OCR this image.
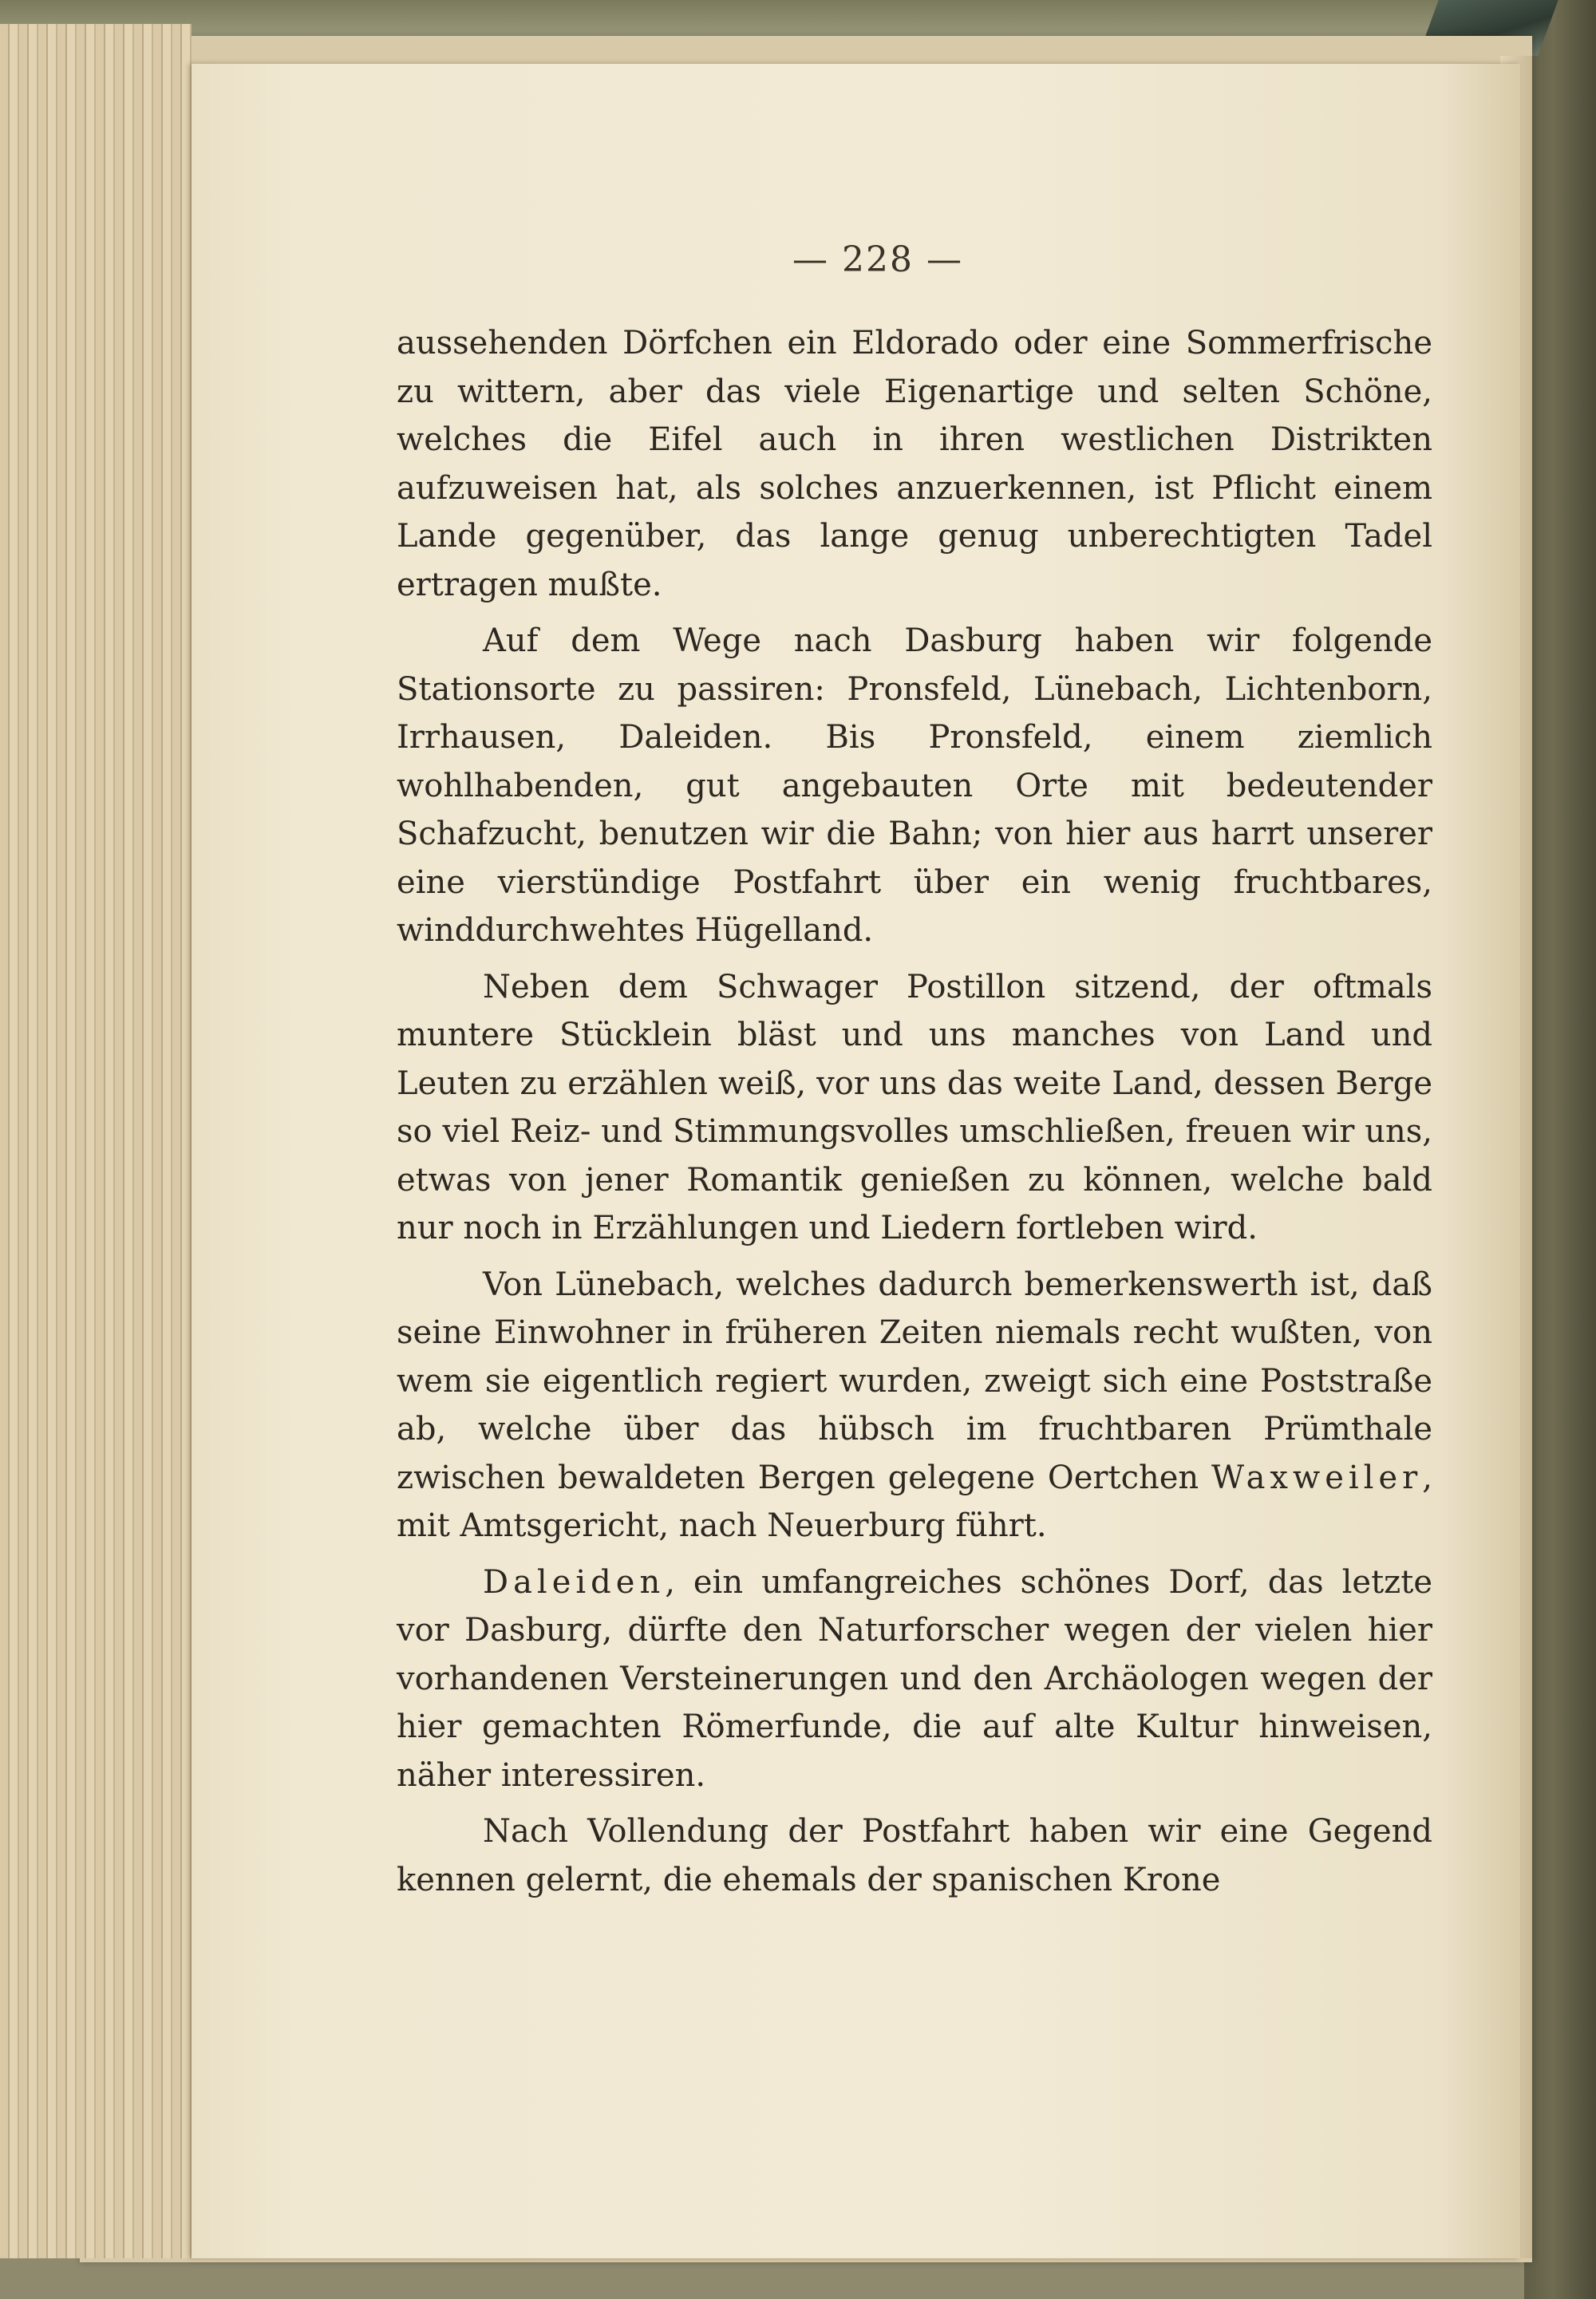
— 228 —

aussehenden Dörfchen ein Eldorado oder eine Sommerfrische zu wittern, aber das viele Eigenartige und selten Schöne, welches die Eifel auch in ihren westlichen Distrikten aufzuweisen hat, als solches anzuerkennen, ist Pflicht einem Lande gegenüber, das lange genug unberechtigten Tadel ertragen mußte.

Auf dem Wege nach Dasburg haben wir folgende Stationsorte zu passiren: Pronsfeld, Lünebach, Lichtenborn, Irrhausen, Daleiden. Bis Pronsfeld, einem ziemlich wohlhabenden, gut angebauten Orte mit bedeutender Schafzucht, benutzen wir die Bahn; von hier aus harrt unserer eine vierstündige Postfahrt über ein wenig fruchtbares, winddurchwehtes Hügelland.

Neben dem Schwager Postillon sitzend, der oftmals muntere Stücklein bläst und uns manches von Land und Leuten zu erzählen weiß, vor uns das weite Land, dessen Berge so viel Reiz- und Stimmungsvolles umschließen, freuen wir uns, etwas von jener Romantik genießen zu können, welche bald nur noch in Erzählungen und Liedern fortleben wird.

Von Lünebach, welches dadurch bemerkenswerth ist, daß seine Einwohner in früheren Zeiten niemals recht wußten, von wem sie eigentlich regiert wurden, zweigt sich eine Poststraße ab, welche über das hübsch im fruchtbaren Prümthale zwischen bewaldeten Bergen gelegene Oertchen Waxweiler, mit Amtsgericht, nach Neuerburg führt.

Daleiden, ein umfangreiches schönes Dorf, das letzte vor Dasburg, dürfte den Naturforscher wegen der vielen hier vorhandenen Versteinerungen und den Archäologen wegen der hier gemachten Römerfunde, die auf alte Kultur hinweisen, näher interessiren.

Nach Vollendung der Postfahrt haben wir eine Gegend kennen gelernt, die ehemals der spanischen Krone
